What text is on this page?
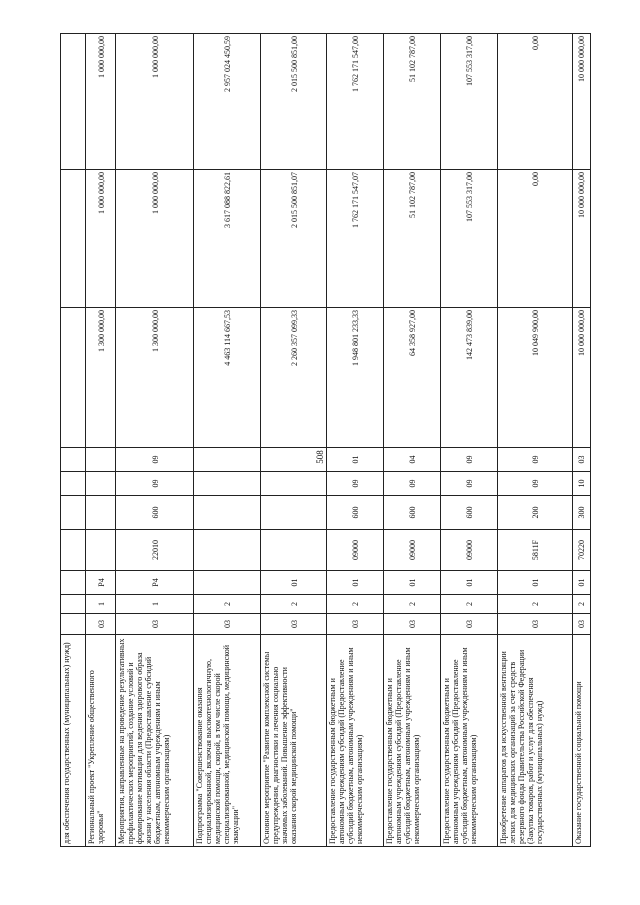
508
для обеспечения государственных (муниципальных) нужд)	Региональный проект "Укрепление общественного здоровья"
03
1
P4
1 300 000,00
1 000 000,00
1 000 000,00
Мероприятия, направленные на проведение результативных профилактических мероприятий, создание условий и формирование мотивации для ведения здорового образа жизни у населения области (Предоставление субсидий бюджетным, автономным учреждениям и иным некоммерческим организациям)
03
1
P4
22010
600
09
09
1 300 000,00
1 000 000,00
1 000 000,00
Подпрограмма "Совершенствование оказания специализированной, включая высокотехнологичную, медицинской помощи, скорой, в том числе скорой специализированной, медицинской помощи, медицинской эвакуации"
03
2
4 463 114 667,53
3 617 088 822,61
2 957 024 450,59
Основное мероприятие "Развитие комплексной системы предупреждения, диагностики и лечения социально значимых заболеваний. Повышение эффективности оказания скорой медицинской помощи"
03
2
01
2 260 357 099,33
2 015 500 851,07
2 015 500 851,00
Предоставление государственным бюджетным и автономным учреждениям субсидий (Предоставление субсидий бюджетным, автономным учреждениям и иным некоммерческим организациям)
03
2
01
09000
600
09
01
1 948 801 233,33
1 762 171 547,07
1 762 171 547,00
Предоставление государственным бюджетным и автономным учреждениям субсидий (Предоставление субсидий бюджетным, автономным учреждениям и иным некоммерческим организациям)
03
2
01
09000
600
09
04
64 358 927,00
51 102 787,00
51 102 787,00
Предоставление государственным бюджетным и автономным учреждениям субсидий (Предоставление субсидий бюджетным, автономным учреждениям и иным некоммерческим организациям)
03
2
01
09000
600
09
09
142 473 839,00
107 553 317,00
107 553 317,00
Приобретение аппаратов для искусственной вентиляции легких для медицинских организаций за счет средств резервного фонда Правительства Российской Федерации (Закупка товаров, работ и услуг для обеспечения государственных (муниципальных) нужд)
03
2
01
5811F
200
09
09
10 049 900,00
0,00
0,00
Оказание государственной социальной помощи
03
2
01
70220
300
10
03
10 000 000,00
10 000 000,00
10 000 000,00
